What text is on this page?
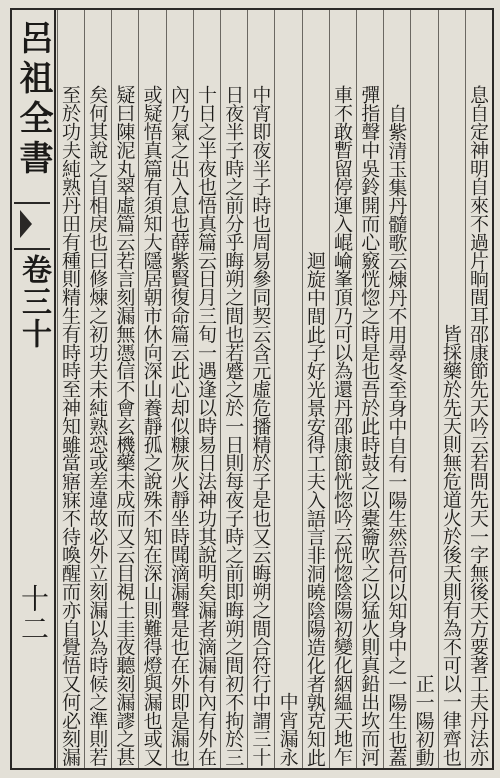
呂祖全書
卷三十
十二	息自定神明自來不過片晌間耳邵康節先天吟云若問先天一字無後天方要著工夫丹法亦
皆採藥於先天則無危道火於後天則有為不可以一律齊也
正一陽初動
自紫清玉集丹髓歌云煉丹不用尋冬至身中自有一陽生然吾何以知身中之一陽生也蓋
彈指聲中吳鈴開而心竅恍惚之時是也吾於此時鼓之以橐籥吹之以猛火則真鉛出坎而河
車不敢暫留停運入崐崘峯頂乃可以為還丹邵康節恍惚吟云恍惚陰陽初變化絪緼天地乍
迴旋中間此子好光景安得工夫入語言非洞曉陰陽造化者孰克知此
中宵漏永
中宵即夜半子時也周易參同契云含元虛危播精於子是也又云晦朔之間合符行中謂三十
日夜半子時之前分乎晦朔之間也若蹙之於一日則每夜子時之前即晦朔之間初不拘於三
十日之半夜也悟真篇云日月三旬一遇逢以時易日法神功其說明矣漏者滴漏有內有外在
內乃氣之出入息也薛紫賢復命篇云此心却似糠灰火靜坐時聞滴漏聲是也在外即是漏也
或疑悟真篇有須知大隱居朝市休向深山養靜孤之說殊不知在深山則難得燈與漏也或又
疑曰陳泥丸翠虛篇云若言刻漏無憑信不會玄機藥未成而又云目視土圭夜聽刻漏謬之甚
矣何其說之自相戾也曰修煉之初功夫未純熟恐或差違故必外立刻漏以為時候之準則若
至於功夫純熟丹田有種則精生有時時至神知雖當寤寐不待喚醒而亦自覺悟又何必刻漏
